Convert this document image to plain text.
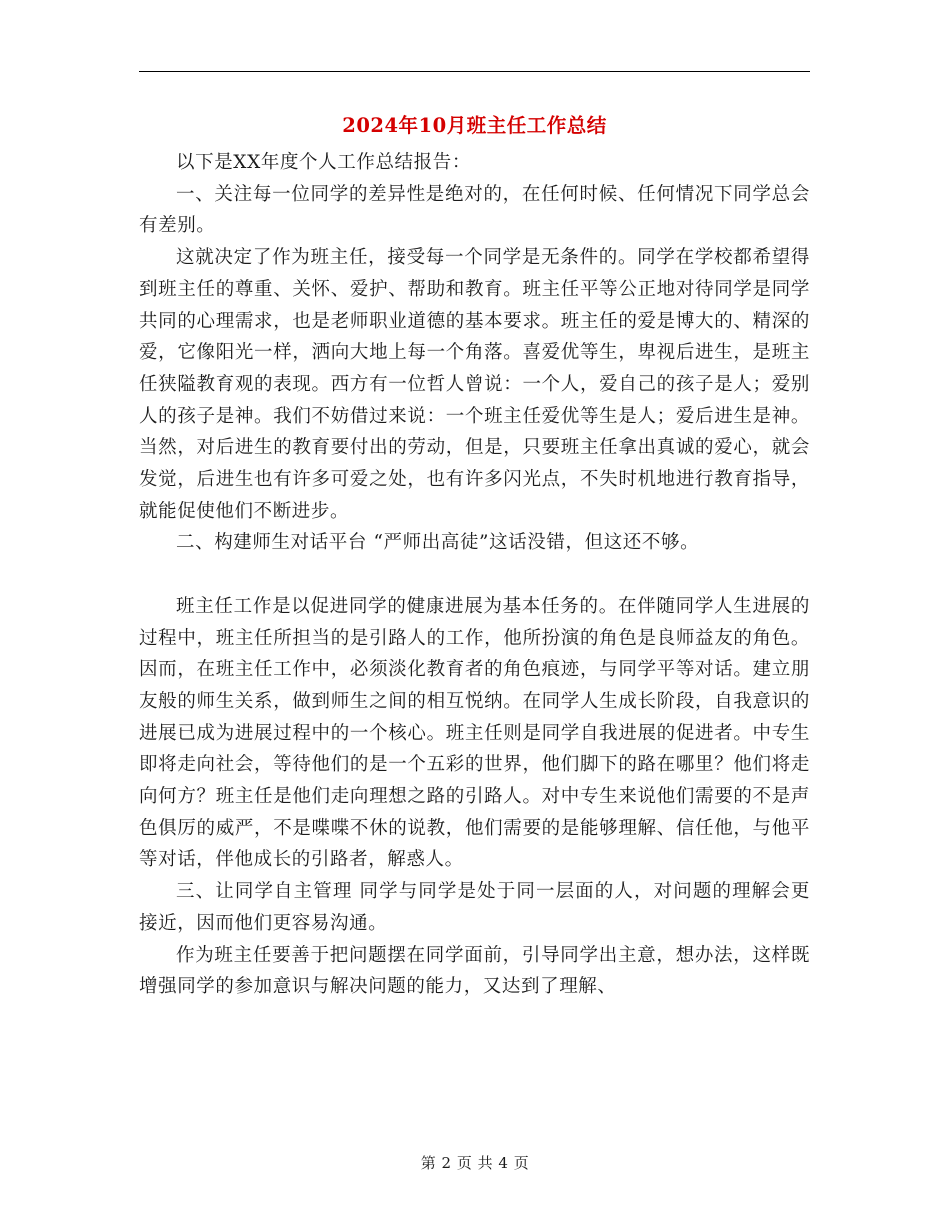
2024年10月班主任工作总结

以下是XX年度个人工作总结报告：

一、关注每一位同学的差异性是绝对的，在任何时候、任何情况下同学总会有差别。

这就决定了作为班主任，接受每一个同学是无条件的。同学在学校都希望得到班主任的尊重、关怀、爱护、帮助和教育。班主任平等公正地对待同学是同学共同的心理需求，也是老师职业道德的基本要求。班主任的爱是博大的、精深的爱，它像阳光一样，洒向大地上每一个角落。喜爱优等生，卑视后进生，是班主任狭隘教育观的表现。西方有一位哲人曾说：一个人，爱自己的孩子是人；爱别人的孩子是神。我们不妨借过来说：一个班主任爱优等生是人；爱后进生是神。当然，对后进生的教育要付出的劳动，但是，只要班主任拿出真诚的爱心，就会发觉，后进生也有许多可爱之处，也有许多闪光点，不失时机地进行教育指导，就能促使他们不断进步。

二、构建师生对话平台 “严师出高徒”这话没错，但这还不够。

班主任工作是以促进同学的健康进展为基本任务的。在伴随同学人生进展的过程中，班主任所担当的是引路人的工作，他所扮演的角色是良师益友的角色。因而，在班主任工作中，必须淡化教育者的角色痕迹，与同学平等对话。建立朋友般的师生关系，做到师生之间的相互悦纳。在同学人生成长阶段，自我意识的进展已成为进展过程中的一个核心。班主任则是同学自我进展的促进者。中专生即将走向社会，等待他们的是一个五彩的世界，他们脚下的路在哪里？他们将走向何方？班主任是他们走向理想之路的引路人。对中专生来说他们需要的不是声色俱厉的威严，不是喋喋不休的说教，他们需要的是能够理解、信任他，与他平等对话，伴他成长的引路者，解惑人。

三、让同学自主管理 同学与同学是处于同一层面的人，对问题的理解会更接近，因而他们更容易沟通。

作为班主任要善于把问题摆在同学面前，引导同学出主意，想办法，这样既增强同学的参加意识与解决问题的能力，又达到了理解、

第 2 页 共 4 页
